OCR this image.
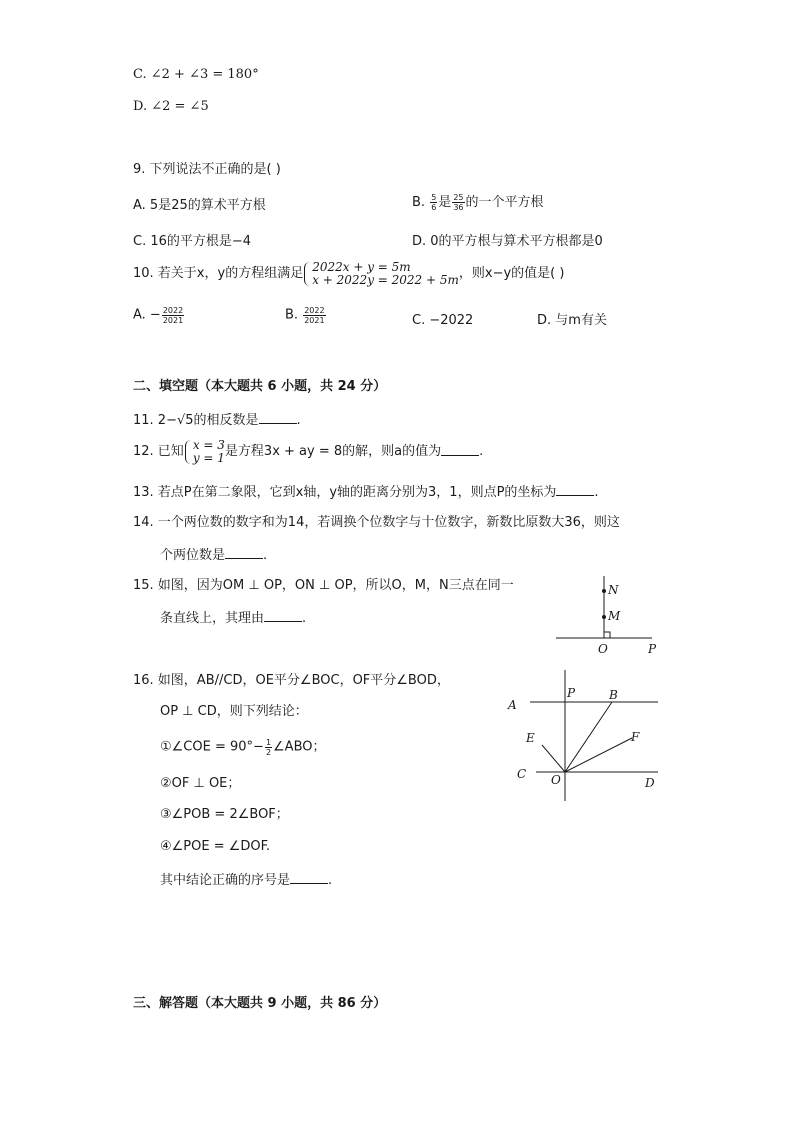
C. ∠2 + ∠3 = 180°
D. ∠2 = ∠5
9. 下列说法不正确的是( )
A. 5是25的算术平方根	B. $\frac{5}{6}$ 是 $\frac{25}{36}$ 的一个平方根
C. 16的平方根是−4	D. 0的平方根与算术平方根都是0
10. 若关于x，y的方程组满足 2022x + y = 5m
x + 2022y = 2022 + 5m ，则x−y的值是( )
A. − $\frac{2022}{2021}$	B. $\frac{2022}{2021}$	C. −2022	D. 与m有关
二、填空题（本大题共 6 小题，共 24 分）
11. 2−√5的相反数是	.
12. 已知 x = 3
y = 1 是方程3x + ay = 8的解，则a的值为	.
13. 若点P在第二象限，它到x轴，y轴的距离分别为3，1，则点P的坐标为	.
14. 一个两位数的数字和为14，若调换个位数字与十位数字，新数比原数大36，则这
个两位数是	.
15. 如图，因为OM ⊥ OP，ON ⊥ OP，所以O，M，N三点在同一
条直线上，其理由	.
N
M
O	P
16. 如图，AB//CD，OE平分∠BOC，OF平分∠BOD，
OP ⊥ CD，则下列结论：
①∠COE = $90^\circ- \frac{1}{2}$ ∠ABO；
②OF ⊥ OE；
③∠POB = 2∠BOF；
④∠POE = ∠DOF.
其中结论正确的序号是	.
A
P	B
E	F
C O	D
三、解答题（本大题共 9 小题，共 86 分）
